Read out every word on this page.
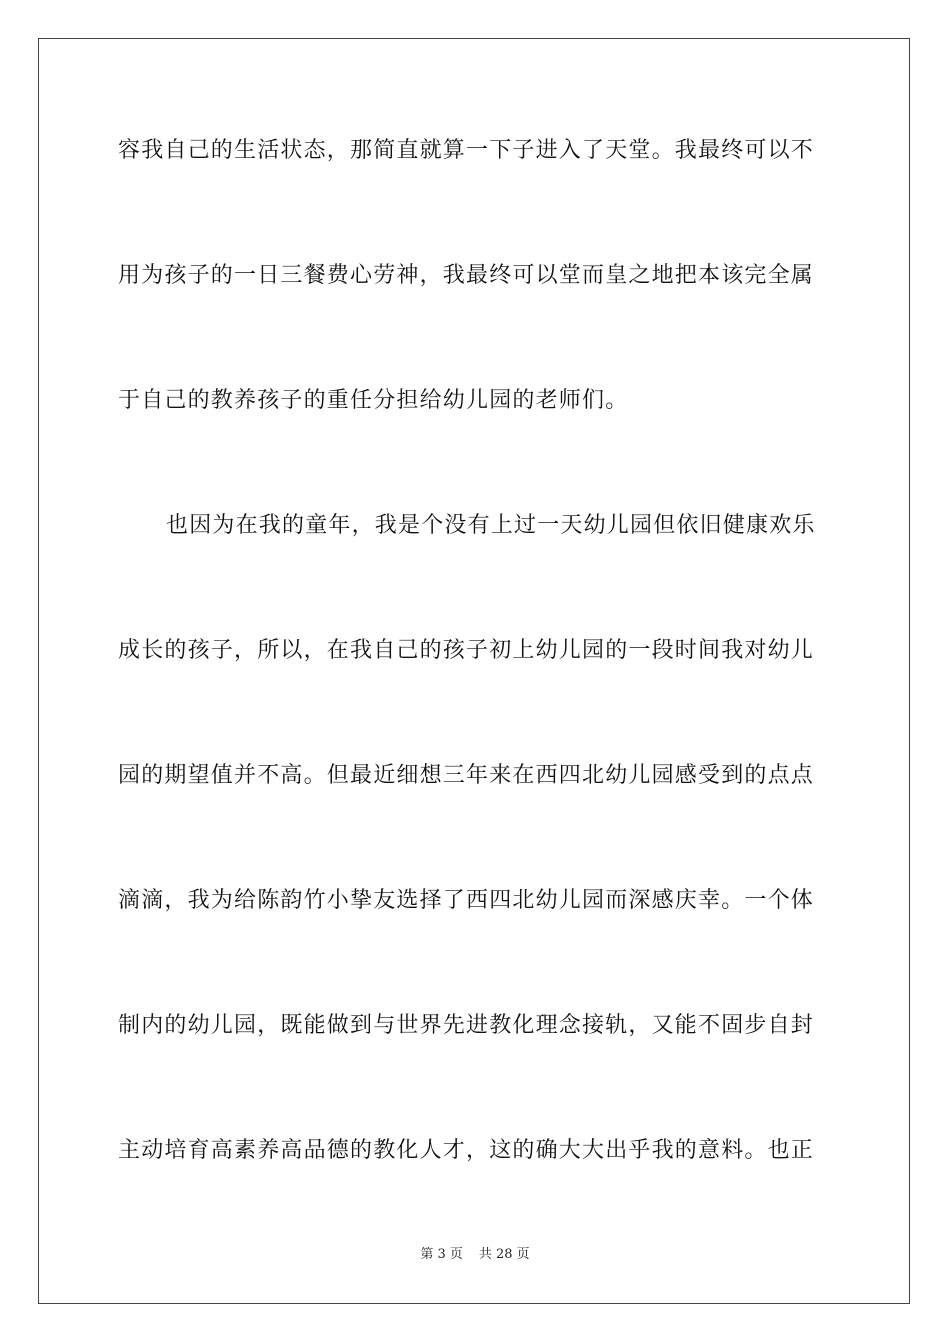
容我自己的生活状态，那简直就算一下子进入了天堂。我最终可以不
用为孩子的一日三餐费心劳神，我最终可以堂而皇之地把本该完全属
于自己的教养孩子的重任分担给幼儿园的老师们。
也因为在我的童年，我是个没有上过一天幼儿园但依旧健康欢乐
成长的孩子，所以，在我自己的孩子初上幼儿园的一段时间我对幼儿
园的期望值并不高。但最近细想三年来在西四北幼儿园感受到的点点
滴滴，我为给陈韵竹小挚友选择了西四北幼儿园而深感庆幸。一个体
制内的幼儿园，既能做到与世界先进教化理念接轨，又能不固步自封
主动培育高素养高品德的教化人才，这的确大大出乎我的意料。也正
第 3 页 共 28 页
